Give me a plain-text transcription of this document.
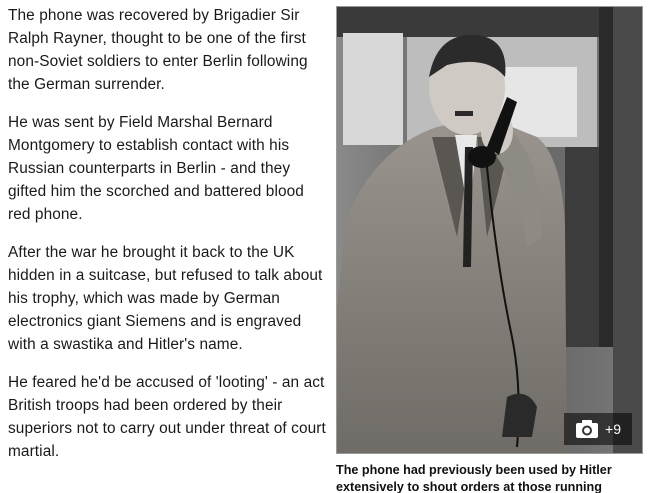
The phone was recovered by Brigadier Sir Ralph Rayner, thought to be one of the first non-Soviet soldiers to enter Berlin following the German surrender.

He was sent by Field Marshal Bernard Montgomery to establish contact with his Russian counterparts in Berlin - and they gifted him the scorched and battered blood red phone.

After the war he brought it back to the UK hidden in a suitcase, but refused to talk about his trophy, which was made by German electronics giant Siemens and is engraved with a swastika and Hitler's name.

He feared he'd be accused of 'looting' - an act British troops had been ordered by their superiors not to carry out under threat of court martial.

+9
The phone had previously been used by Hitler extensively to shout orders at those running
